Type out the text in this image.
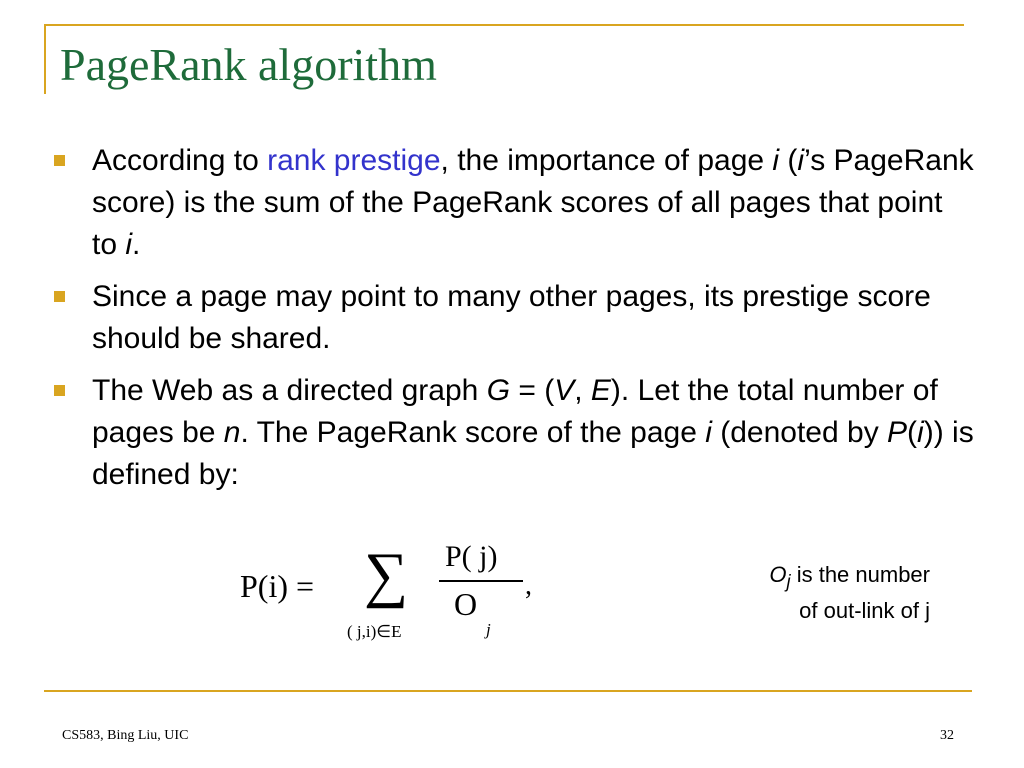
PageRank algorithm
According to rank prestige, the importance of page i (i’s PageRank score) is the sum of the PageRank scores of all pages that point to i.
Since a page may point to many other pages, its prestige score should be shared.
The Web as a directed graph G = (V, E). Let the total number of pages be n. The PageRank score of the page i (denoted by P(i)) is defined by:
P(i) = ∑
( j,i)∈E
P( j)
O
j
,	$O_j$ is the number
of out-link of j
CS583, Bing Liu, UIC	32
